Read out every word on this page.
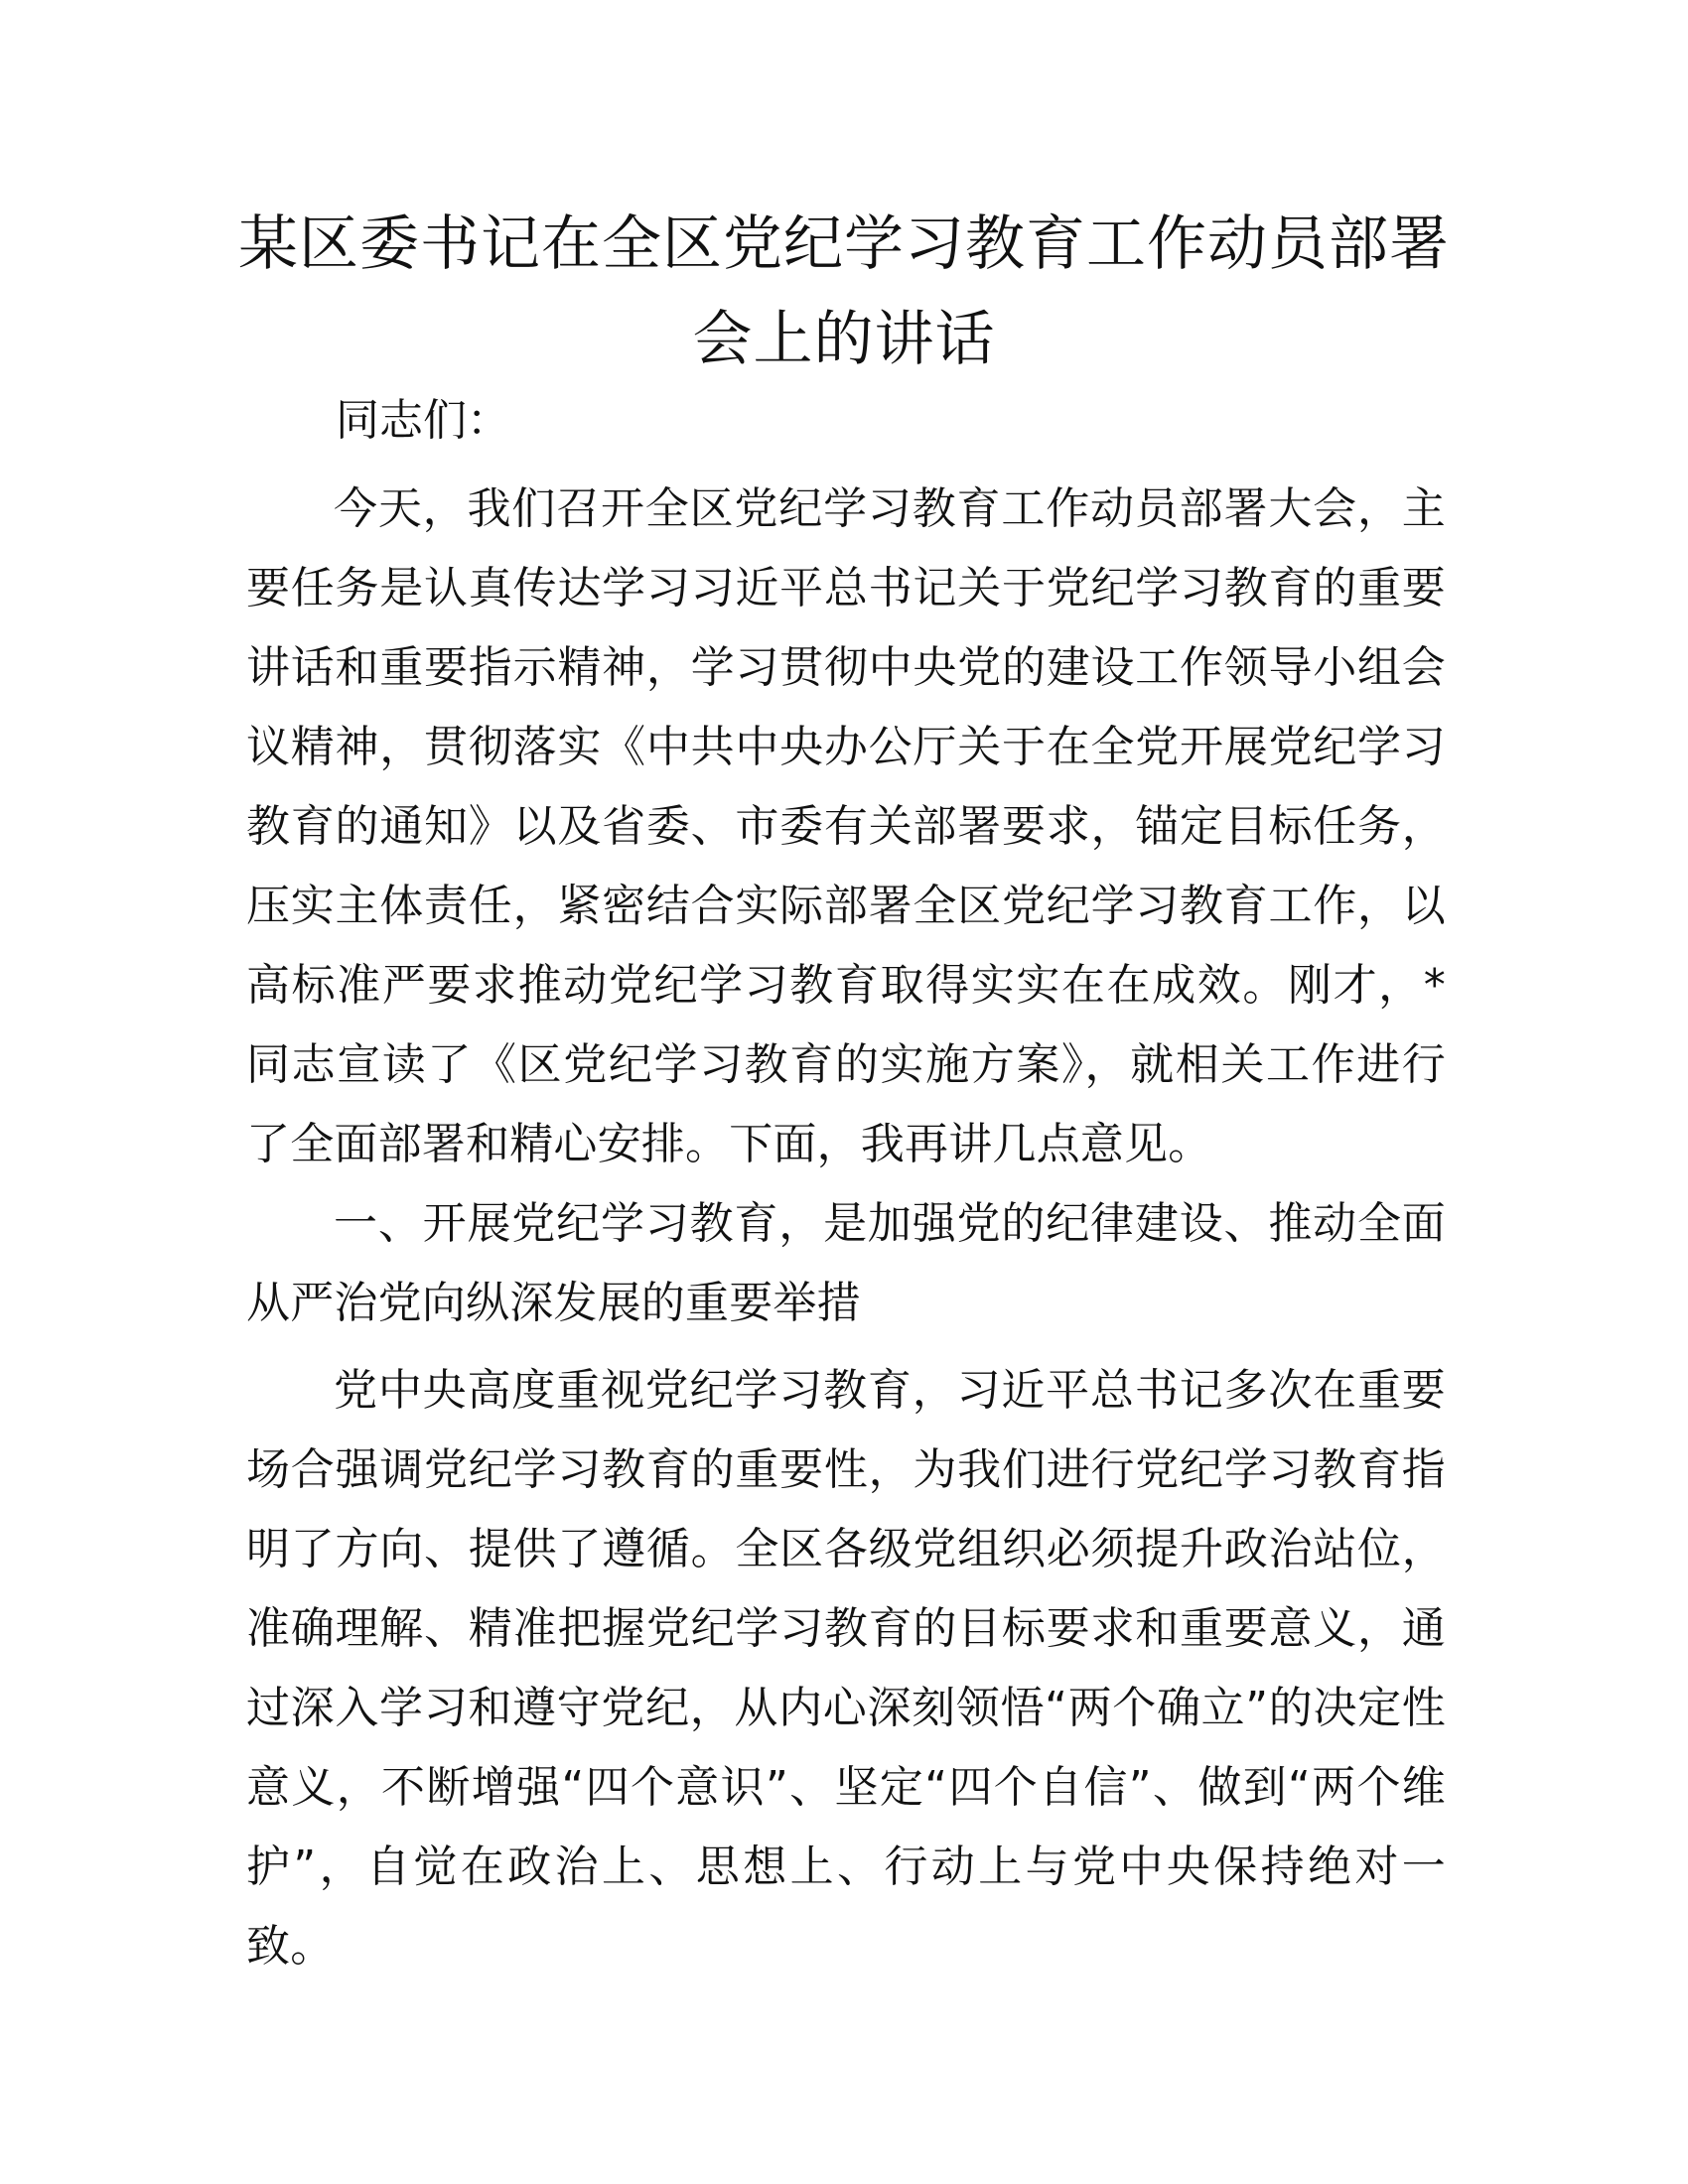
某区委书记在全区党纪学习教育工作动员部署会上的讲话

同志们：

今天，我们召开全区党纪学习教育工作动员部署大会，主要任务是认真传达学习习近平总书记关于党纪学习教育的重要讲话和重要指示精神，学习贯彻中央党的建设工作领导小组会议精神，贯彻落实《中共中央办公厅关于在全党开展党纪学习教育的通知》以及省委、市委有关部署要求，锚定目标任务，压实主体责任，紧密结合实际部署全区党纪学习教育工作，以高标准严要求推动党纪学习教育取得实实在在成效。刚才，*同志宣读了《区党纪学习教育的实施方案》，就相关工作进行了全面部署和精心安排。下面，我再讲几点意见。

一、开展党纪学习教育，是加强党的纪律建设、推动全面从严治党向纵深发展的重要举措

党中央高度重视党纪学习教育，习近平总书记多次在重要场合强调党纪学习教育的重要性，为我们进行党纪学习教育指明了方向、提供了遵循。全区各级党组织必须提升政治站位，准确理解、精准把握党纪学习教育的目标要求和重要意义，通过深入学习和遵守党纪，从内心深刻领悟“两个确立”的决定性意义，不断增强“四个意识”、坚定“四个自信”、做到“两个维护”，自觉在政治上、思想上、行动上与党中央保持绝对一致。
